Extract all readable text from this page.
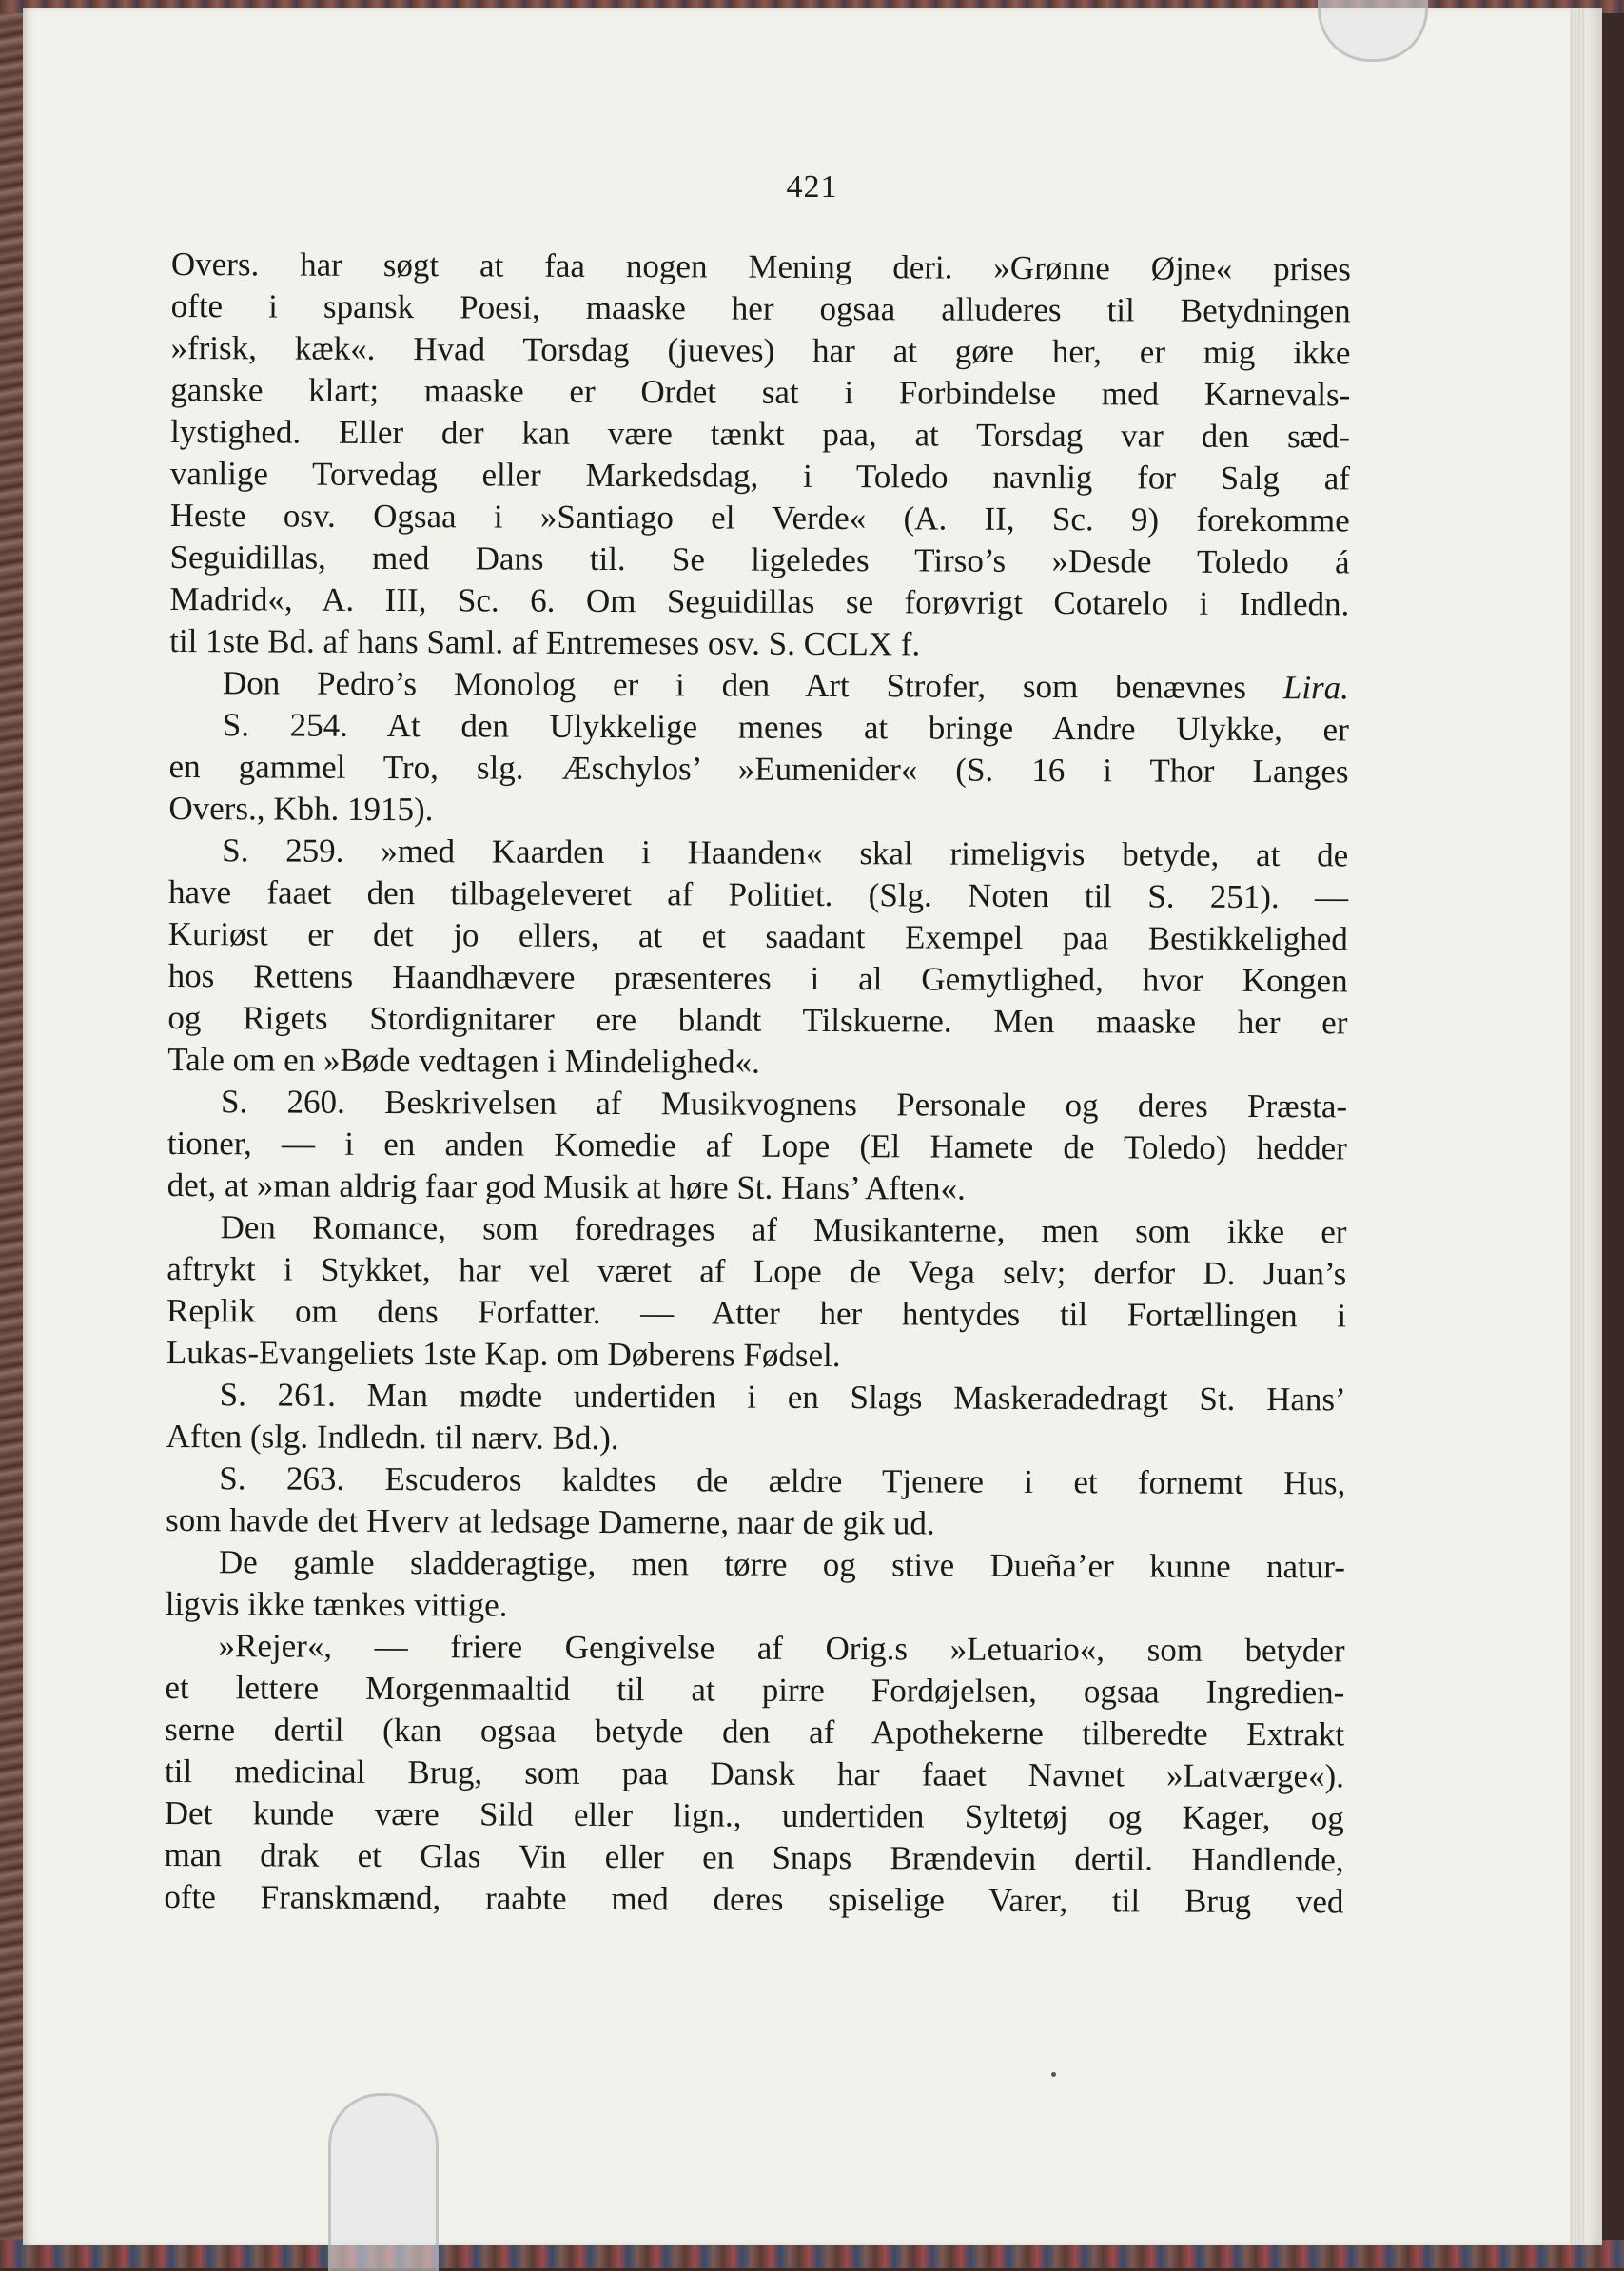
421
Overs. har søgt at faa nogen Mening deri. »Grønne Øjne« prises
ofte i spansk Poesi, maaske her ogsaa alluderes til Betydningen
»frisk, kæk«. Hvad Torsdag (jueves) har at gøre her, er mig ikke
ganske klart; maaske er Ordet sat i Forbindelse med Karnevals-
lystighed. Eller der kan være tænkt paa, at Torsdag var den sæd-
vanlige Torvedag eller Markedsdag, i Toledo navnlig for Salg af
Heste osv. Ogsaa i »Santiago el Verde« (A. II, Sc. 9) forekomme
Seguidillas, med Dans til. Se ligeledes Tirso’s »Desde Toledo á
Madrid«, A. III, Sc. 6. Om Seguidillas se forøvrigt Cotarelo i Indledn.
til 1ste Bd. af hans Saml. af Entremeses osv. S. CCLX f.
Don Pedro’s Monolog er i den Art Strofer, som benævnes Lira.
S. 254. At den Ulykkelige menes at bringe Andre Ulykke, er
en gammel Tro, slg. Æschylos’ »Eumenider« (S. 16 i Thor Langes
Overs., Kbh. 1915).
S. 259. »med Kaarden i Haanden« skal rimeligvis betyde, at de
have faaet den tilbageleveret af Politiet. (Slg. Noten til S. 251). —
Kuriøst er det jo ellers, at et saadant Exempel paa Bestikkelighed
hos Rettens Haandhævere præsenteres i al Gemytlighed, hvor Kongen
og Rigets Stordignitarer ere blandt Tilskuerne. Men maaske her er
Tale om en »Bøde vedtagen i Mindelighed«.
S. 260. Beskrivelsen af Musikvognens Personale og deres Præsta-
tioner, — i en anden Komedie af Lope (El Hamete de Toledo) hedder
det, at »man aldrig faar god Musik at høre St. Hans’ Aften«.
Den Romance, som foredrages af Musikanterne, men som ikke er
aftrykt i Stykket, har vel været af Lope de Vega selv; derfor D. Juan’s
Replik om dens Forfatter. — Atter her hentydes til Fortællingen i
Lukas-Evangeliets 1ste Kap. om Døberens Fødsel.
S. 261. Man mødte undertiden i en Slags Maskeradedragt St. Hans’
Aften (slg. Indledn. til nærv. Bd.).
S. 263. Escuderos kaldtes de ældre Tjenere i et fornemt Hus,
som havde det Hverv at ledsage Damerne, naar de gik ud.
De gamle sladderagtige, men tørre og stive Dueña’er kunne natur-
ligvis ikke tænkes vittige.
»Rejer«, — friere Gengivelse af Orig.s »Letuario«, som betyder
et lettere Morgenmaaltid til at pirre Fordøjelsen, ogsaa Ingredien-
serne dertil (kan ogsaa betyde den af Apothekerne tilberedte Extrakt
til medicinal Brug, som paa Dansk har faaet Navnet »Latværge«).
Det kunde være Sild eller lign., undertiden Syltetøj og Kager, og
man drak et Glas Vin eller en Snaps Brændevin dertil. Handlende,
ofte Franskmænd, raabte med deres spiselige Varer, til Brug ved
